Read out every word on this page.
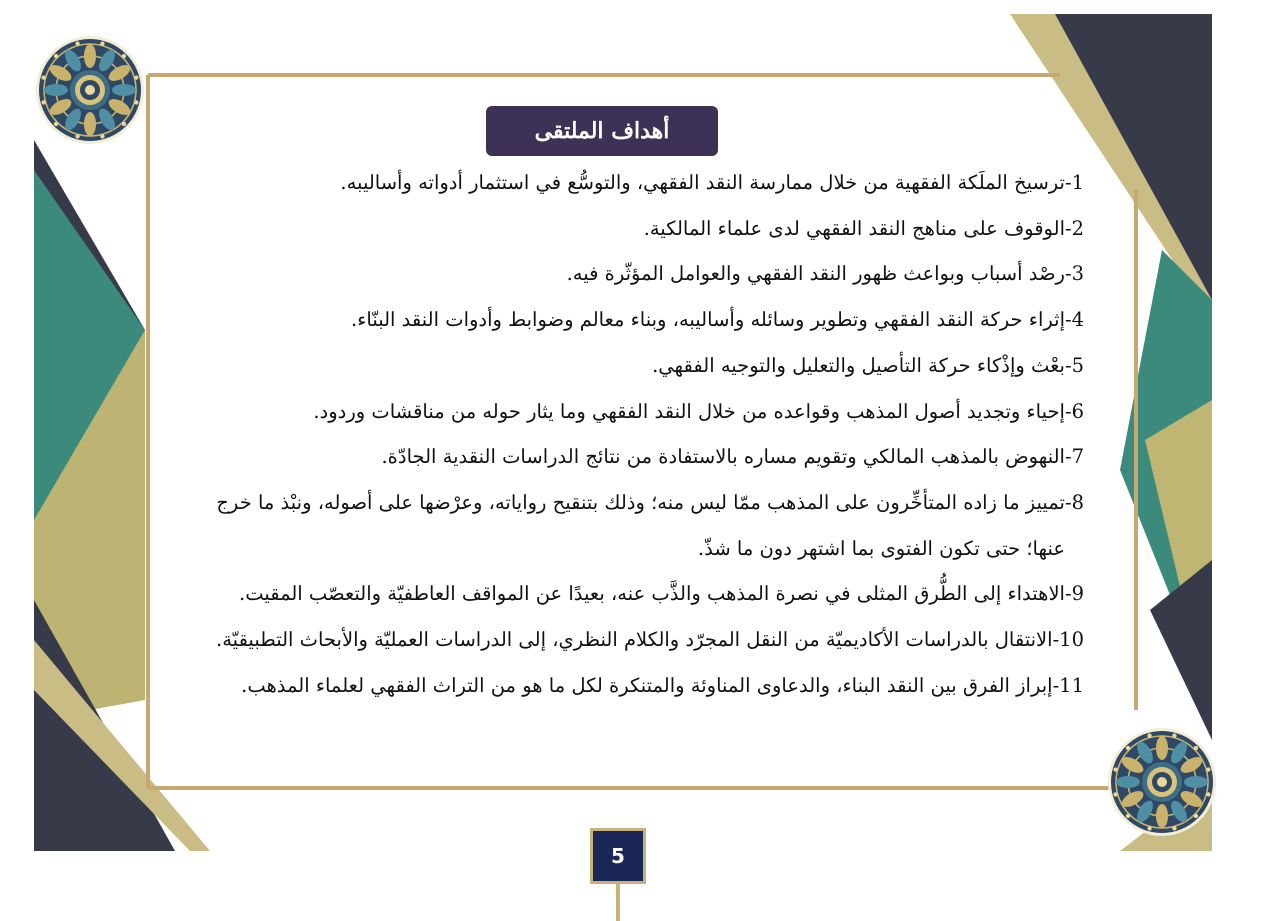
أهداف الملتقى
1-
ترسيخ الملَكة الفقهية من خلال ممارسة النقد الفقهي، والتوسُّع في استثمار أدواته وأساليبه.
2-
الوقوف على مناهج النقد الفقهي لدى علماء المالكية.
3-
رصْد أسباب وبواعث ظهور النقد الفقهي والعوامل المؤثّرة فيه.
4-
إثراء حركة النقد الفقهي وتطوير وسائله وأساليبه، وبناء معالم وضوابط وأدوات النقد البنّاء.
5-
بعْث وإذْكاء حركة التأصيل والتعليل والتوجيه الفقهي.
6-
إحياء وتجديد أصول المذهب وقواعده من خلال النقد الفقهي وما يثار حوله من مناقشات وردود.
7-
النهوض بالمذهب المالكي وتقويم مساره بالاستفادة من نتائج الدراسات النقدية الجادّة.
8-
تمييز ما زاده المتأخِّرون على المذهب ممّا ليس منه؛ وذلك بتنقيح رواياته، وعرْضها على أصوله، ونبْذ ما خرج عنها؛ حتى تكون الفتوى بما اشتهر دون ما شذّ.
9-
الاهتداء إلى الطُّرق المثلى في نصرة المذهب والذَّب عنه، بعيدًا عن المواقف العاطفيّة والتعصّب المقيت.
10-
الانتقال بالدراسات الأكاديميّة من النقل المجرّد والكلام النظري، إلى الدراسات العمليّة والأبحاث التطبيقيّة.
11-
إبراز الفرق بين النقد البناء، والدعاوى المناوئة والمتنكرة لكل ما هو من التراث الفقهي لعلماء المذهب.
5
